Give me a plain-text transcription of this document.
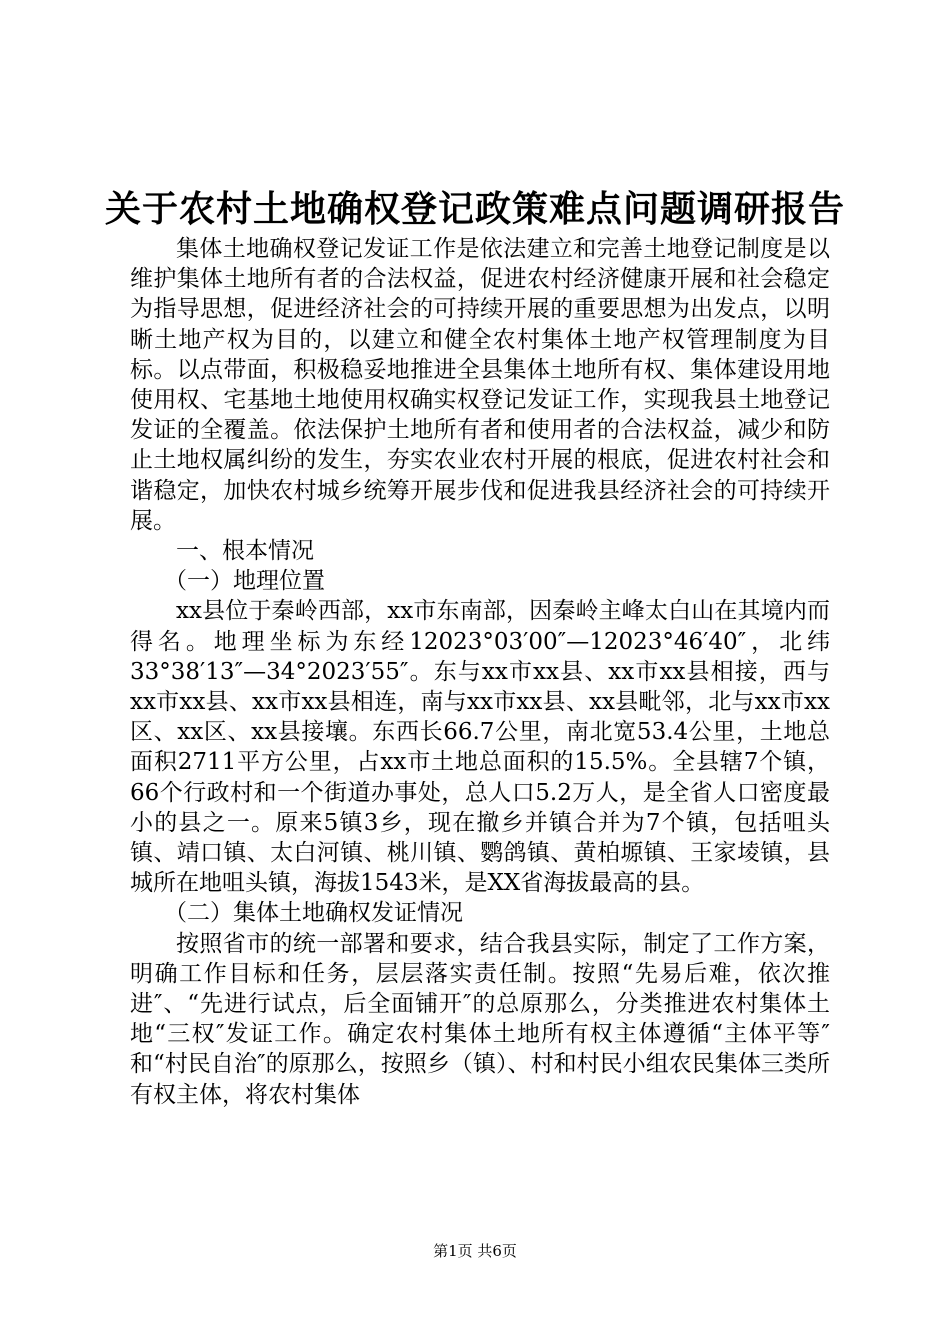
关于农村土地确权登记政策难点问题调研报告

集体土地确权登记发证工作是依法建立和完善土地登记制度是以维护集体土地所有者的合法权益，促进农村经济健康开展和社会稳定为指导思想，促进经济社会的可持续开展的重要思想为出发点，以明晰土地产权为目的，以建立和健全农村集体土地产权管理制度为目标。以点带面，积极稳妥地推进全县集体土地所有权、集体建设用地使用权、宅基地土地使用权确实权登记发证工作，实现我县土地登记发证的全覆盖。依法保护土地所有者和使用者的合法权益，减少和防止土地权属纠纷的发生，夯实农业农村开展的根底，促进农村社会和谐稳定，加快农村城乡统筹开展步伐和促进我县经济社会的可持续开展。

一、根本情况

（一）地理位置

xx县位于秦岭西部，xx市东南部，因秦岭主峰太白山在其境内而得名。地理坐标为东经12023°03′00″—12023°46′40″，北纬33°38′13″—34°2023′55″。东与xx市xx县、xx市xx县相接，西与xx市xx县、xx市xx县相连，南与xx市xx县、xx县毗邻，北与xx市xx区、xx区、xx县接壤。东西长66.7公里，南北宽53.4公里，土地总面积2711平方公里，占xx市土地总面积的15.5%。全县辖7个镇，66个行政村和一个街道办事处，总人口5.2万人，是全省人口密度最小的县之一。原来5镇3乡，现在撤乡并镇合并为7个镇，包括咀头镇、靖口镇、太白河镇、桃川镇、鹦鸽镇、黄柏塬镇、王家堎镇，县城所在地咀头镇，海拔1543米，是XX省海拔最高的县。

（二）集体土地确权发证情况

按照省市的统一部署和要求，结合我县实际，制定了工作方案，明确工作目标和任务，层层落实责任制。按照“先易后难，依次推进″、“先进行试点，后全面铺开″的总原那么，分类推进农村集体土地“三权″发证工作。确定农村集体土地所有权主体遵循“主体平等″和“村民自治″的原那么，按照乡（镇）、村和村民小组农民集体三类所有权主体，将农村集体

第1页 共6页
